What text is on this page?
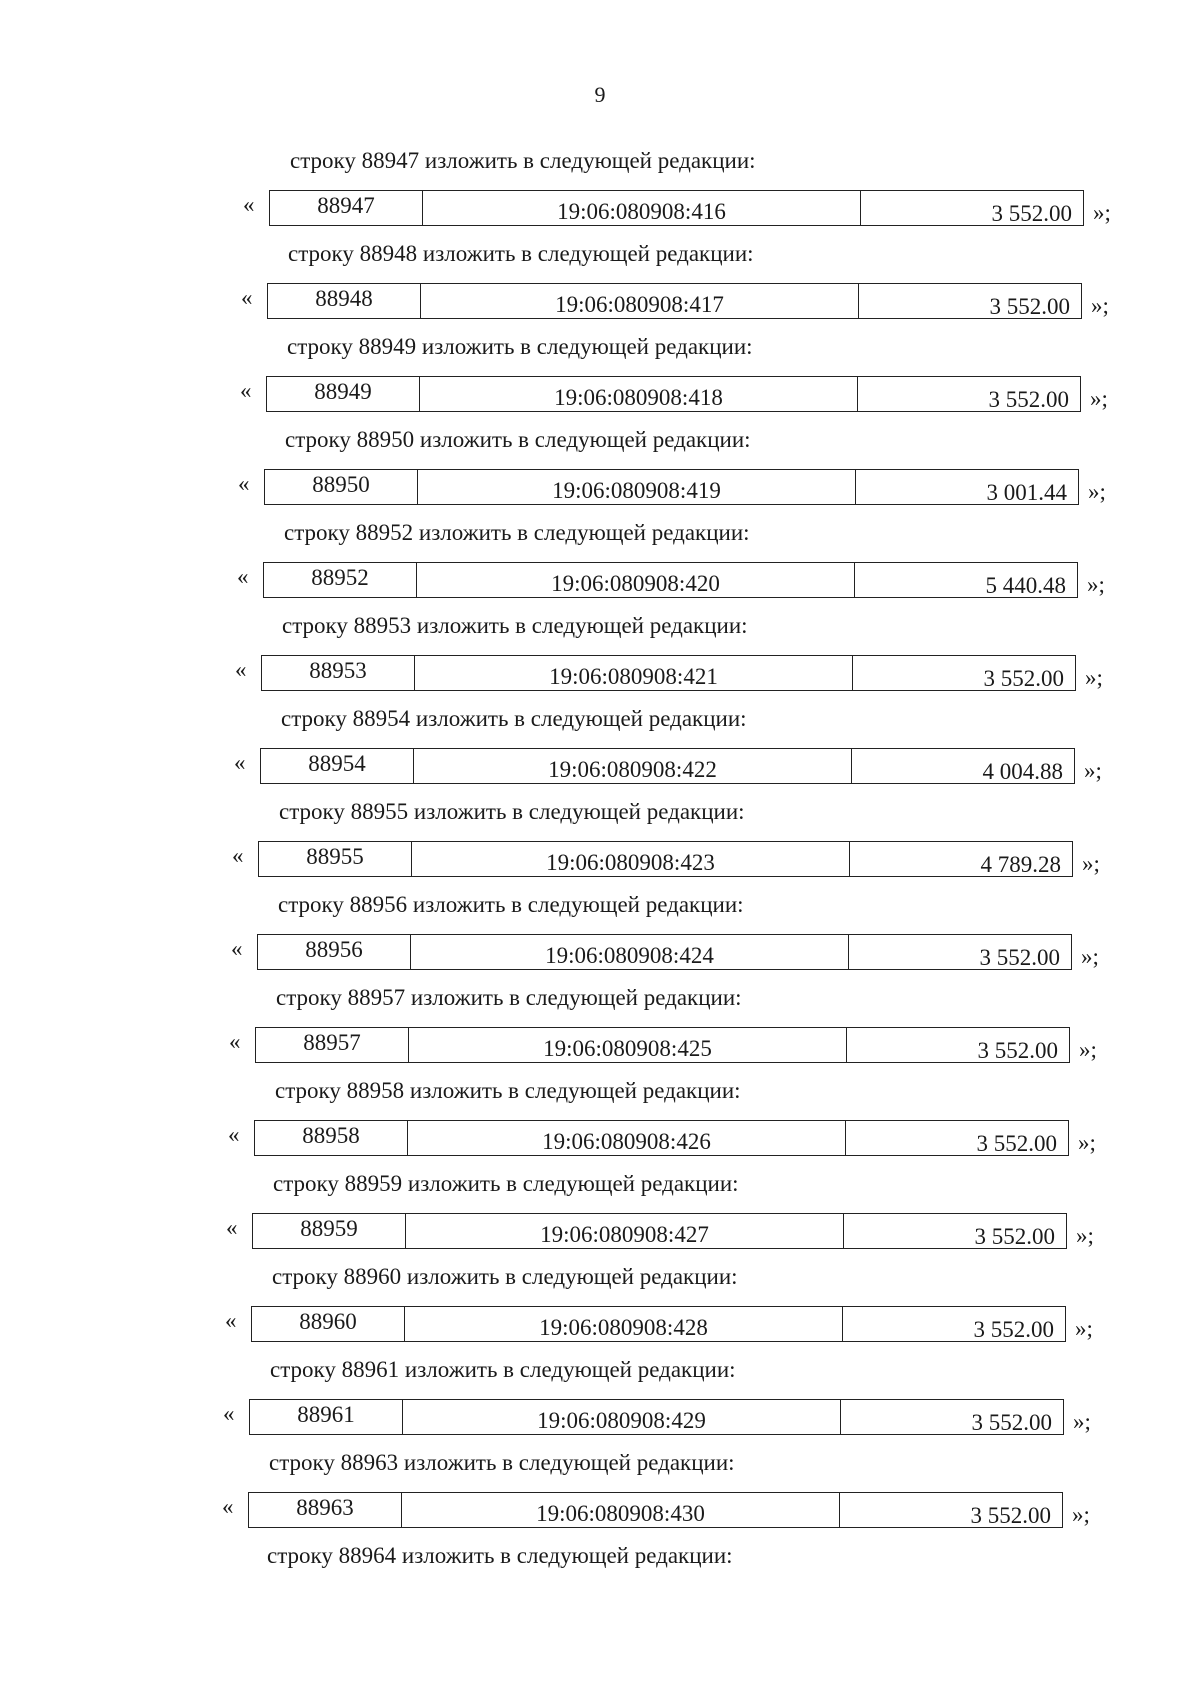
9
строку 88947 изложить в следующей редакции:
«	88947	19:06:080908:416	3 552.00 »;
строку 88948 изложить в следующей редакции:
«	88948	19:06:080908:417	3 552.00 »;
строку 88949 изложить в следующей редакции:
«	88949	19:06:080908:418	3 552.00 »;
строку 88950 изложить в следующей редакции:
«	88950	19:06:080908:419	3 001.44 »;
строку 88952 изложить в следующей редакции:
«	88952	19:06:080908:420	5 440.48 »;
строку 88953 изложить в следующей редакции:
«	88953	19:06:080908:421	3 552.00 »;
строку 88954 изложить в следующей редакции:
«	88954	19:06:080908:422	4 004.88 »;
строку 88955 изложить в следующей редакции:
«	88955	19:06:080908:423	4 789.28 »;
строку 88956 изложить в следующей редакции:
«	88956	19:06:080908:424	3 552.00 »;
строку 88957 изложить в следующей редакции:
«	88957	19:06:080908:425	3 552.00 »;
строку 88958 изложить в следующей редакции:
«	88958	19:06:080908:426	3 552.00 »;
строку 88959 изложить в следующей редакции:
«	88959	19:06:080908:427	3 552.00 »;
строку 88960 изложить в следующей редакции:
«	88960	19:06:080908:428	3 552.00 »;
строку 88961 изложить в следующей редакции:
«	88961	19:06:080908:429	3 552.00 »;
строку 88963 изложить в следующей редакции:
«	88963	19:06:080908:430	3 552.00 »;
строку 88964 изложить в следующей редакции:
